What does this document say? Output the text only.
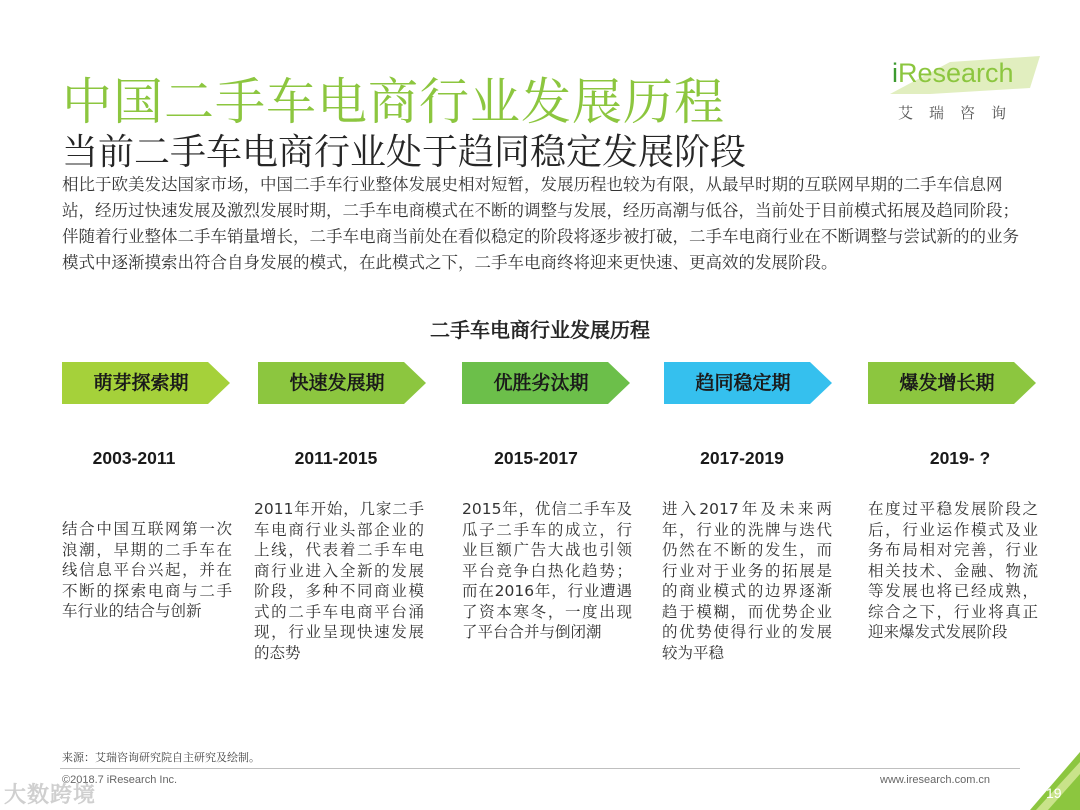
中国二手车电商行业发展历程
当前二手车电商行业处于趋同稳定发展阶段
iResearch
艾瑞咨询

相比于欧美发达国家市场，中国二手车行业整体发展史相对短暂，发展历程也较为有限，从最早时期的互联网早期的二手车信息网站，经历过快速发展及激烈发展时期，二手车电商模式在不断的调整与发展，经历高潮与低谷，当前处于目前模式拓展及趋同阶段；

伴随着行业整体二手车销量增长，二手车电商当前处在看似稳定的阶段将逐步被打破，二手车电商行业在不断调整与尝试新的的业务模式中逐渐摸索出符合自身发展的模式，在此模式之下，二手车电商终将迎来更快速、更高效的发展阶段。

二手车电商行业发展历程
萌芽探索期	快速发展期	优胜劣汰期	趋同稳定期	爆发增长期
2003-2011	2011-2015	2015-2017	2017-2019	2019- ?
结合中国互联网第一次浪潮，早期的二手车在线信息平台兴起，并在不断的探索电商与二手车行业的结合与创新
2011年开始，几家二手车电商行业头部企业的上线，代表着二手车电商行业进入全新的发展阶段，多种不同商业模式的二手车电商平台涌现，行业呈现快速发展的态势
2015年，优信二手车及瓜子二手车的成立，行业巨额广告大战也引领平台竞争白热化趋势；而在2016年，行业遭遇了资本寒冬，一度出现了平台合并与倒闭潮
进入2017年及未来两年，行业的洗牌与迭代仍然在不断的发生，而行业对于业务的拓展是的商业模式的边界逐渐趋于模糊，而优势企业的优势使得行业的发展较为平稳
在度过平稳发展阶段之后，行业运作模式及业务布局相对完善，行业相关技术、金融、物流等发展也将已经成熟，综合之下，行业将真正迎来爆发式发展阶段
来源：艾瑞咨询研究院自主研究及绘制。
©2018.7 iResearch Inc.	www.iresearch.com.cn
19
大数跨境
